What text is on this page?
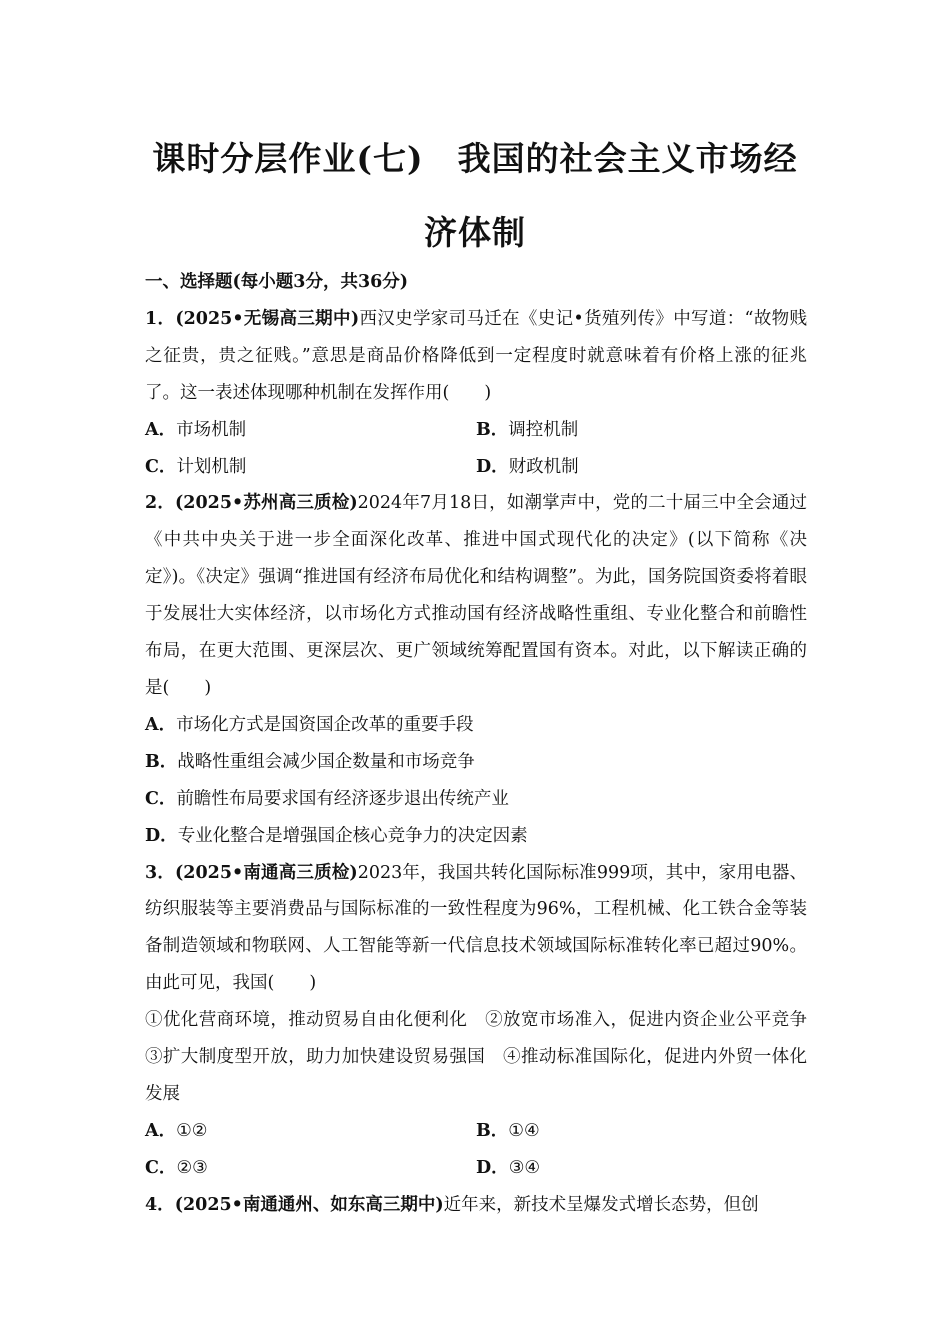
课时分层作业(七)　我国的社会主义市场经
济体制

一、选择题(每小题3分，共36分)

1．(2025•无锡高三期中)西汉史学家司马迁在《史记•货殖列传》中写道：“故物贱之征贵，贵之征贱。”意思是商品价格降低到一定程度时就意味着有价格上涨的征兆了。这一表述体现哪种机制在发挥作用(　　)

A．市场机制	B．调控机制
C．计划机制	D．财政机制

2．(2025•苏州高三质检)2024年7月18日，如潮掌声中，党的二十届三中全会通过《中共中央关于进一步全面深化改革、推进中国式现代化的决定》(以下简称《决定》)。《决定》强调“推进国有经济布局优化和结构调整”。为此，国务院国资委将着眼于发展壮大实体经济，以市场化方式推动国有经济战略性重组、专业化整合和前瞻性布局，在更大范围、更深层次、更广领域统筹配置国有资本。对此，以下解读正确的是(　　)

A．市场化方式是国资国企改革的重要手段

B．战略性重组会减少国企数量和市场竞争

C．前瞻性布局要求国有经济逐步退出传统产业

D．专业化整合是增强国企核心竞争力的决定因素

3．(2025•南通高三质检)2023年，我国共转化国际标准999项，其中，家用电器、纺织服装等主要消费品与国际标准的一致性程度为96%，工程机械、化工铁合金等装备制造领域和物联网、人工智能等新一代信息技术领域国际标准转化率已超过90%。由此可见，我国(　　)

①优化营商环境，推动贸易自由化便利化　②放宽市场准入，促进内资企业公平竞争　③扩大制度型开放，助力加快建设贸易强国　④推动标准国际化，促进内外贸一体化发展

A．①②	B．①④
C．②③	D．③④

4．(2025•南通通州、如东高三期中)近年来，新技术呈爆发式增长态势，但创
